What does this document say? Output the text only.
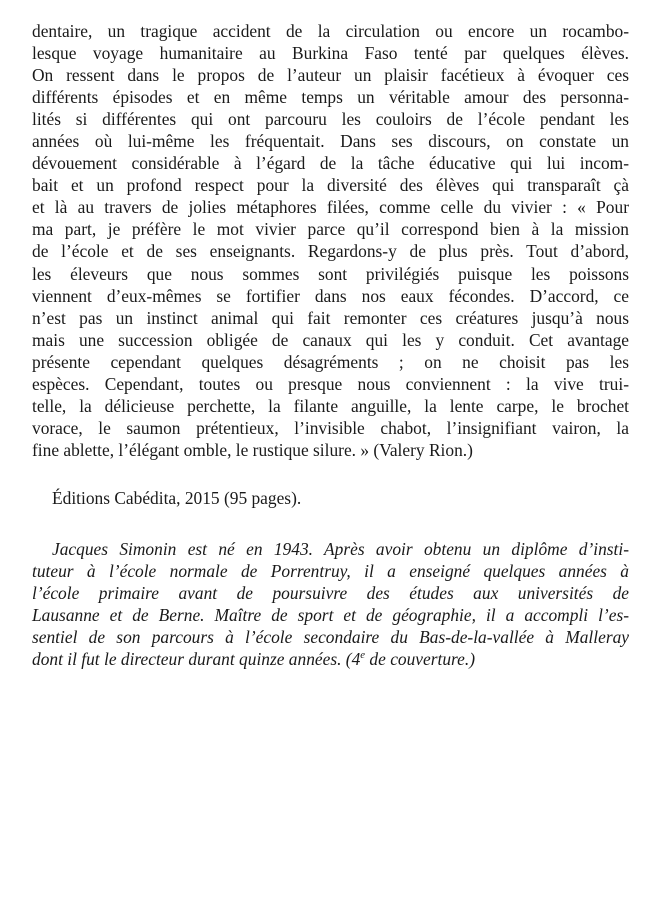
dentaire, un tragique accident de la circulation ou encore un rocambo-
lesque voyage humanitaire au Burkina Faso tenté par quelques élèves.
On ressent dans le propos de l’auteur un plaisir facétieux à évoquer ces
différents épisodes et en même temps un véritable amour des personna-
lités si différentes qui ont parcouru les couloirs de l’école pendant les
années où lui-même les fréquentait. Dans ses discours, on constate un
dévouement considérable à l’égard de la tâche éducative qui lui incom-
bait et un profond respect pour la diversité des élèves qui transparaît çà
et là au travers de jolies métaphores filées, comme celle du vivier : « Pour
ma part, je préfère le mot vivier parce qu’il correspond bien à la mission
de l’école et de ses enseignants. Regardons-y de plus près. Tout d’abord,
les éleveurs que nous sommes sont privilégiés puisque les poissons
viennent d’eux-mêmes se fortifier dans nos eaux fécondes. D’accord, ce
n’est pas un instinct animal qui fait remonter ces créatures jusqu’à nous
mais une succession obligée de canaux qui les y conduit. Cet avantage
présente cependant quelques désagréments ; on ne choisit pas les
espèces. Cependant, toutes ou presque nous conviennent : la vive trui-
telle, la délicieuse perchette, la filante anguille, la lente carpe, le brochet
vorace, le saumon prétentieux, l’invisible chabot, l’insignifiant vairon, la
fine ablette, l’élégant omble, le rustique silure. » (Valery Rion.)
Éditions Cabédita, 2015 (95 pages).
Jacques Simonin est né en 1943. Après avoir obtenu un diplôme d’insti-
tuteur à l’école normale de Porrentruy, il a enseigné quelques années à
l’école primaire avant de poursuivre des études aux universités de
Lausanne et de Berne. Maître de sport et de géographie, il a accompli l’es-
sentiel de son parcours à l’école secondaire du Bas-de-la-vallée à Malleray
dont il fut le directeur durant quinze années. (4e de couverture.)
